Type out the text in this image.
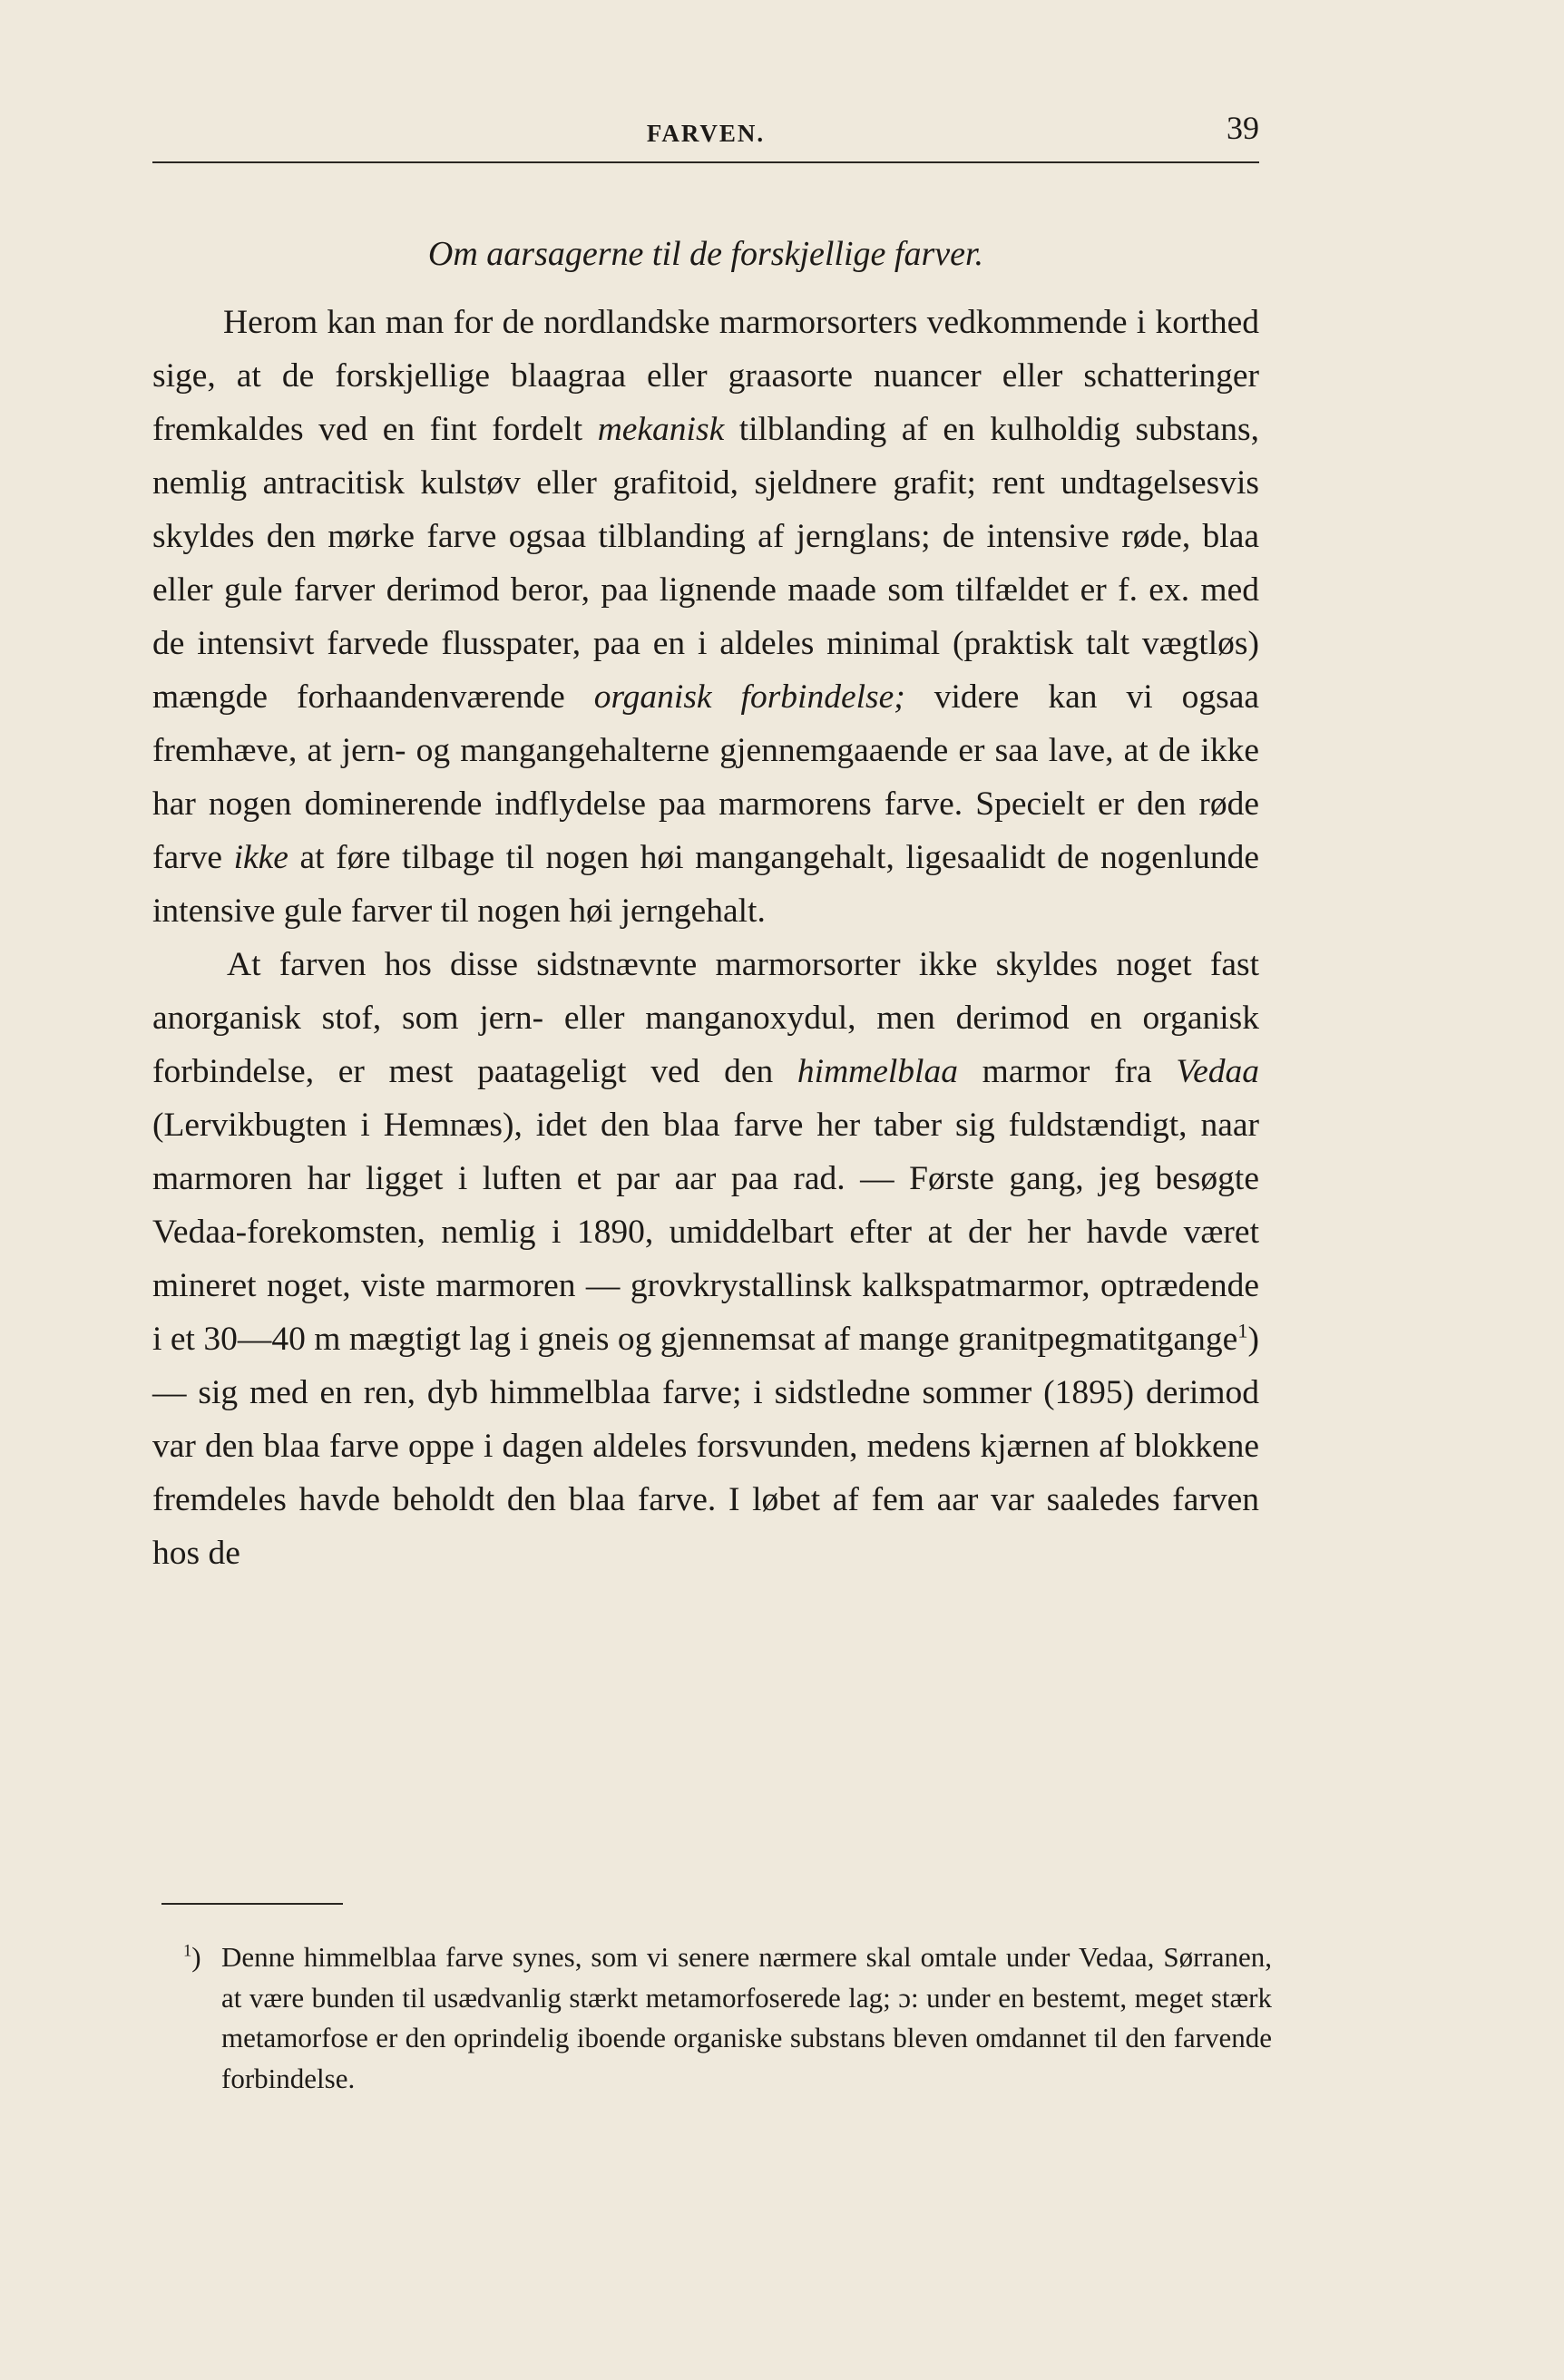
FARVEN.	39
Om aarsagerne til de forskjellige farver.

Herom kan man for de nordlandske marmorsorters vedkommende i korthed sige, at de forskjellige blaagraa eller graasorte nuancer eller schatteringer fremkaldes ved en fint fordelt mekanisk tilblanding af en kulholdig substans, nemlig antracitisk kulstøv eller grafitoid, sjeldnere grafit; rent undtagelsesvis skyldes den mørke farve ogsaa tilblanding af jernglans; de intensive røde, blaa eller gule farver derimod beror, paa lignende maade som tilfældet er f. ex. med de intensivt farvede flusspater, paa en i aldeles minimal (praktisk talt vægtløs) mængde forhaandenværende organisk forbindelse; videre kan vi ogsaa fremhæve, at jern- og mangangehalterne gjennemgaaende er saa lave, at de ikke har nogen dominerende indflydelse paa marmorens farve. Specielt er den røde farve ikke at føre tilbage til nogen høi mangangehalt, ligesaalidt de nogenlunde intensive gule farver til nogen høi jerngehalt.

At farven hos disse sidstnævnte marmorsorter ikke skyldes noget fast anorganisk stof, som jern- eller manganoxydul, men derimod en organisk forbindelse, er mest paatageligt ved den himmelblaa marmor fra Vedaa (Lervikbugten i Hemnæs), idet den blaa farve her taber sig fuldstændigt, naar marmoren har ligget i luften et par aar paa rad. — Første gang, jeg besøgte Vedaa-forekomsten, nemlig i 1890, umiddelbart efter at der her havde været mineret noget, viste marmoren — grovkrystallinsk kalkspatmarmor, optrædende i et 30—40 m mægtigt lag i gneis og gjennemsat af mange granitpegmatitgange$^1$) — sig med en ren, dyb himmelblaa farve; i sidstledne sommer (1895) derimod var den blaa farve oppe i dagen aldeles forsvunden, medens kjærnen af blokkene fremdeles havde beholdt den blaa farve. I løbet af fem aar var saaledes farven hos de

$^1$) Denne himmelblaa farve synes, som vi senere nærmere skal omtale under Vedaa, Sørranen, at være bunden til usædvanlig stærkt metamorfoserede lag; ɔ: under en bestemt, meget stærk metamorfose er den oprindelig iboende organiske substans bleven omdannet til den farvende forbindelse.
